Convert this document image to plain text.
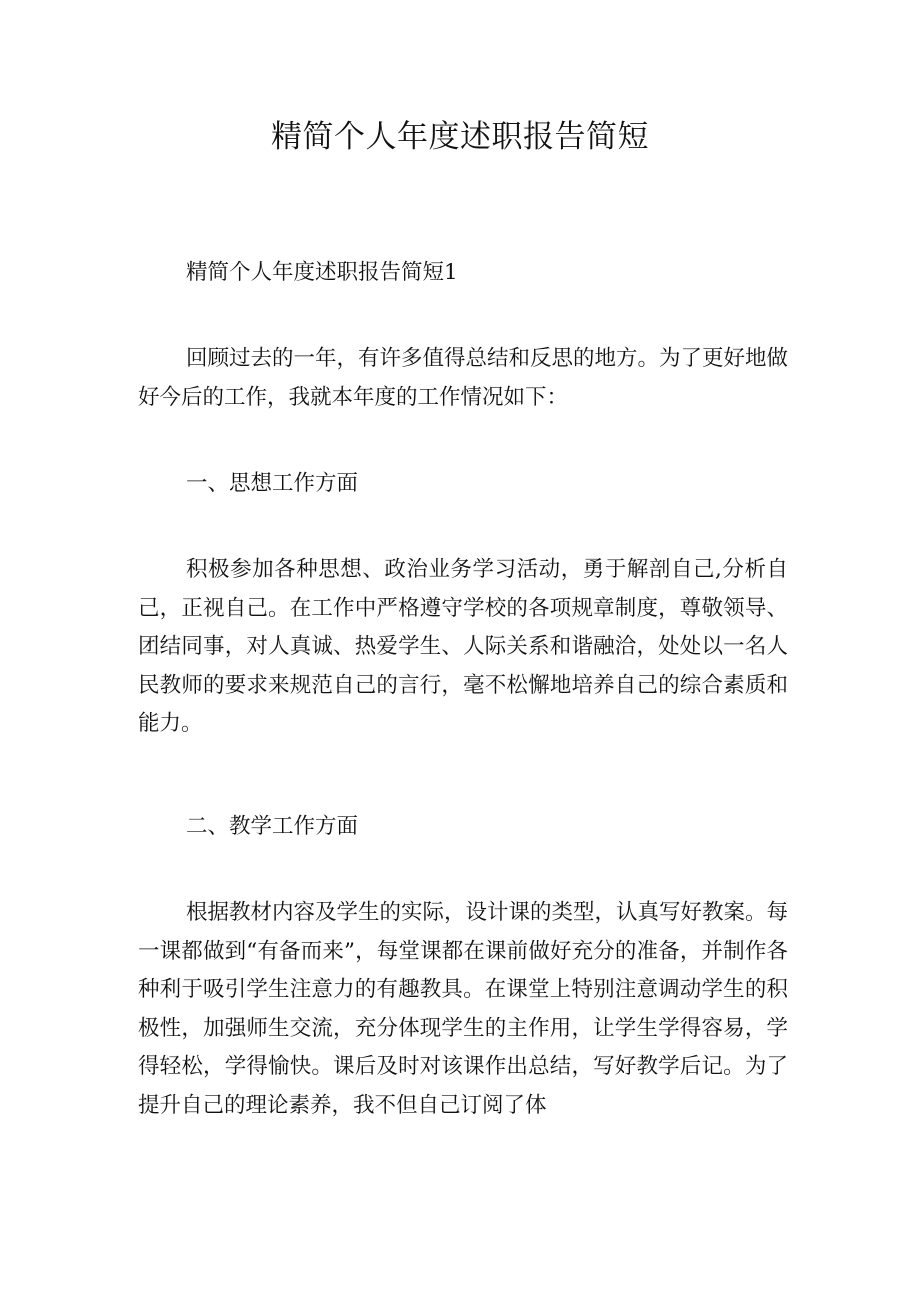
精简个人年度述职报告简短

精简个人年度述职报告简短1

回顾过去的一年，有许多值得总结和反思的地方。为了更好地做好今后的工作，我就本年度的工作情况如下：

一、思想工作方面

积极参加各种思想、政治业务学习活动，勇于解剖自己,分析自己，正视自己。在工作中严格遵守学校的各项规章制度，尊敬领导、团结同事，对人真诚、热爱学生、人际关系和谐融洽，处处以一名人民教师的要求来规范自己的言行，毫不松懈地培养自己的综合素质和能力。

二、教学工作方面

根据教材内容及学生的实际，设计课的类型，认真写好教案。每一课都做到“有备而来”，每堂课都在课前做好充分的准备，并制作各种利于吸引学生注意力的有趣教具。在课堂上特别注意调动学生的积极性，加强师生交流，充分体现学生的主作用，让学生学得容易，学得轻松，学得愉快。课后及时对该课作出总结，写好教学后记。为了提升自己的理论素养，我不但自己订阅了体
